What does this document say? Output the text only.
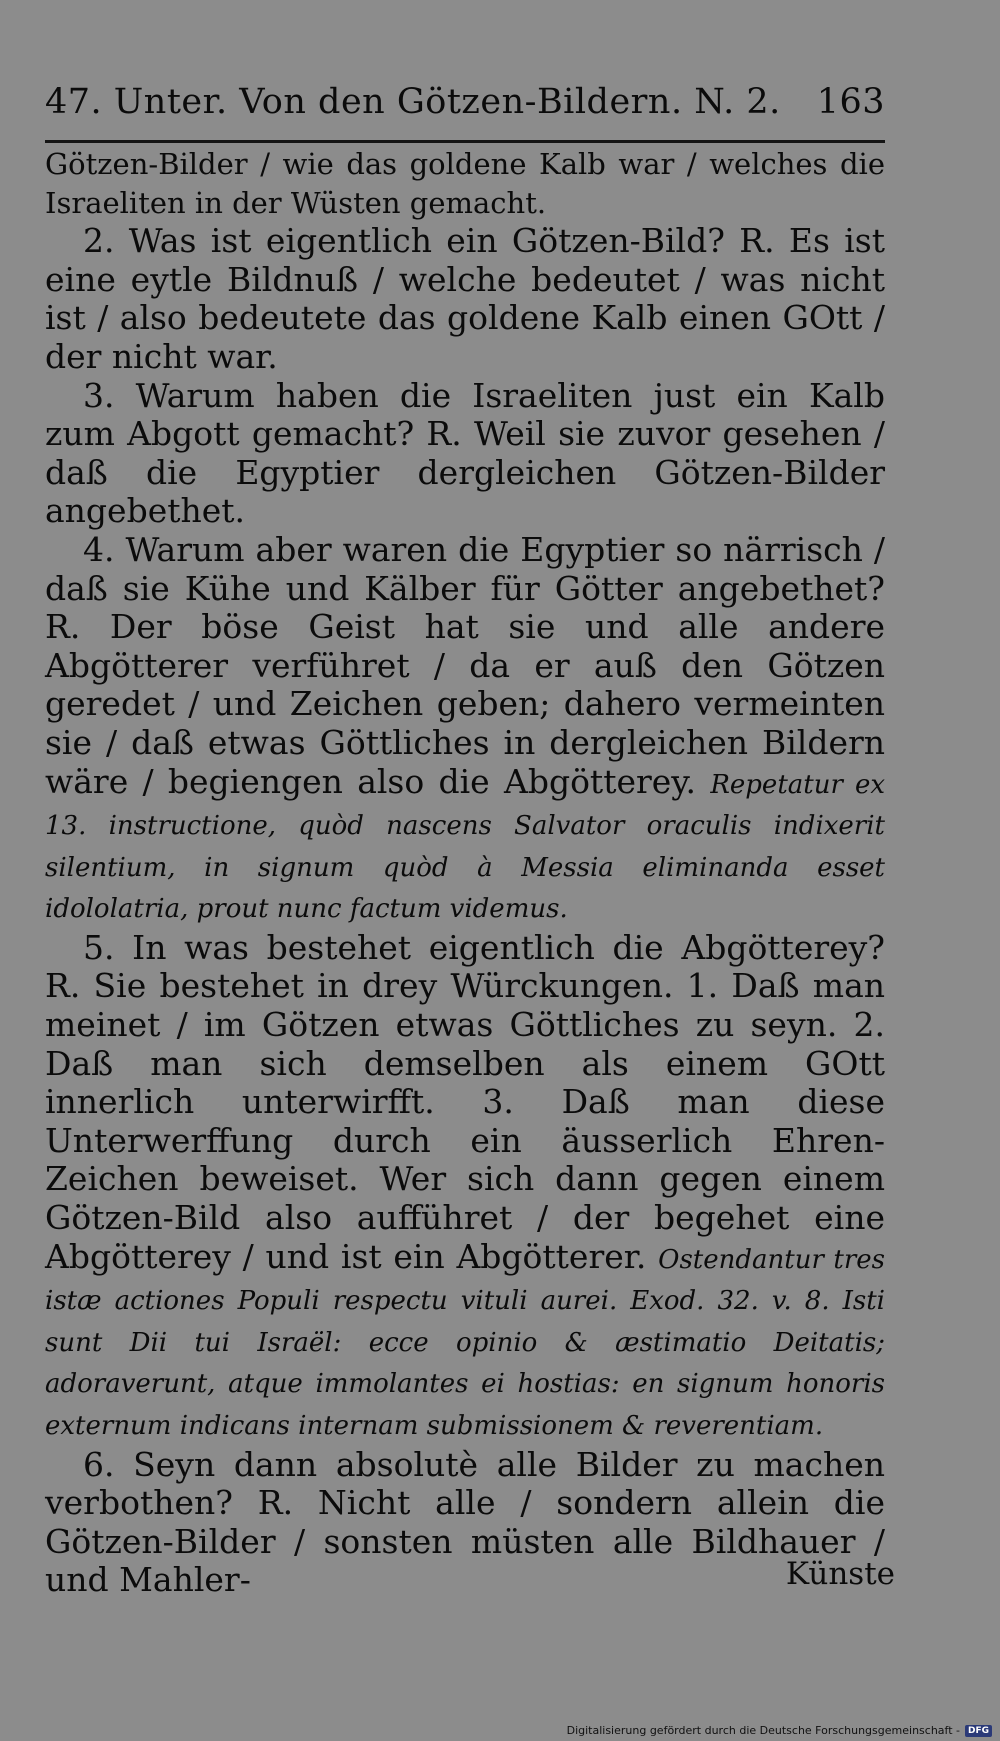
47. Unter. Von den Götzen-Bildern. N. 2. 163

Götzen-Bilder / wie das goldene Kalb war / welches die Israeliten in der Wüsten gemacht.

2. Was ist eigentlich ein Götzen-Bild? R. Es ist eine eytle Bildnuß / welche bedeutet / was nicht ist / also bedeutete das goldene Kalb einen GOtt / der nicht war.

3. Warum haben die Israeliten just ein Kalb zum Abgott gemacht? R. Weil sie zuvor gesehen / daß die Egyptier dergleichen Götzen-Bilder angebethet.

4. Warum aber waren die Egyptier so närrisch / daß sie Kühe und Kälber für Götter angebethet? R. Der böse Geist hat sie und alle andere Abgötterer verführet / da er auß den Götzen geredet / und Zeichen geben; dahero vermeinten sie / daß etwas Göttliches in dergleichen Bildern wäre / begiengen also die Abgötterey. Repetatur ex 13. instructione, quòd nascens Salvator oraculis indixerit silentium, in signum quòd à Messia eliminanda esset idololatria, prout nunc factum videmus.

5. In was bestehet eigentlich die Abgötterey? R. Sie bestehet in drey Würckungen. 1. Daß man meinet / im Götzen etwas Göttliches zu seyn. 2. Daß man sich demselben als einem GOtt innerlich unterwirfft. 3. Daß man diese Unterwerffung durch ein äusserlich Ehren-Zeichen beweiset. Wer sich dann gegen einem Götzen-Bild also aufführet / der begehet eine Abgötterey / und ist ein Abgötterer. Ostendantur tres istæ actiones Populi respectu vituli aurei. Exod. 32. v. 8. Isti sunt Dii tui Israël: ecce opinio & æstimatio Deitatis; adoraverunt, atque immolantes ei hostias: en signum honoris externum indicans internam submissionem & reverentiam.

6. Seyn dann absolutè alle Bilder zu machen verbothen? R. Nicht alle / sondern allein die Götzen-Bilder / sonsten müsten alle Bildhauer / und Mahler-	Künste
Digitalisierung gefördert durch die Deutsche Forschungsgemeinschaft - DFG
